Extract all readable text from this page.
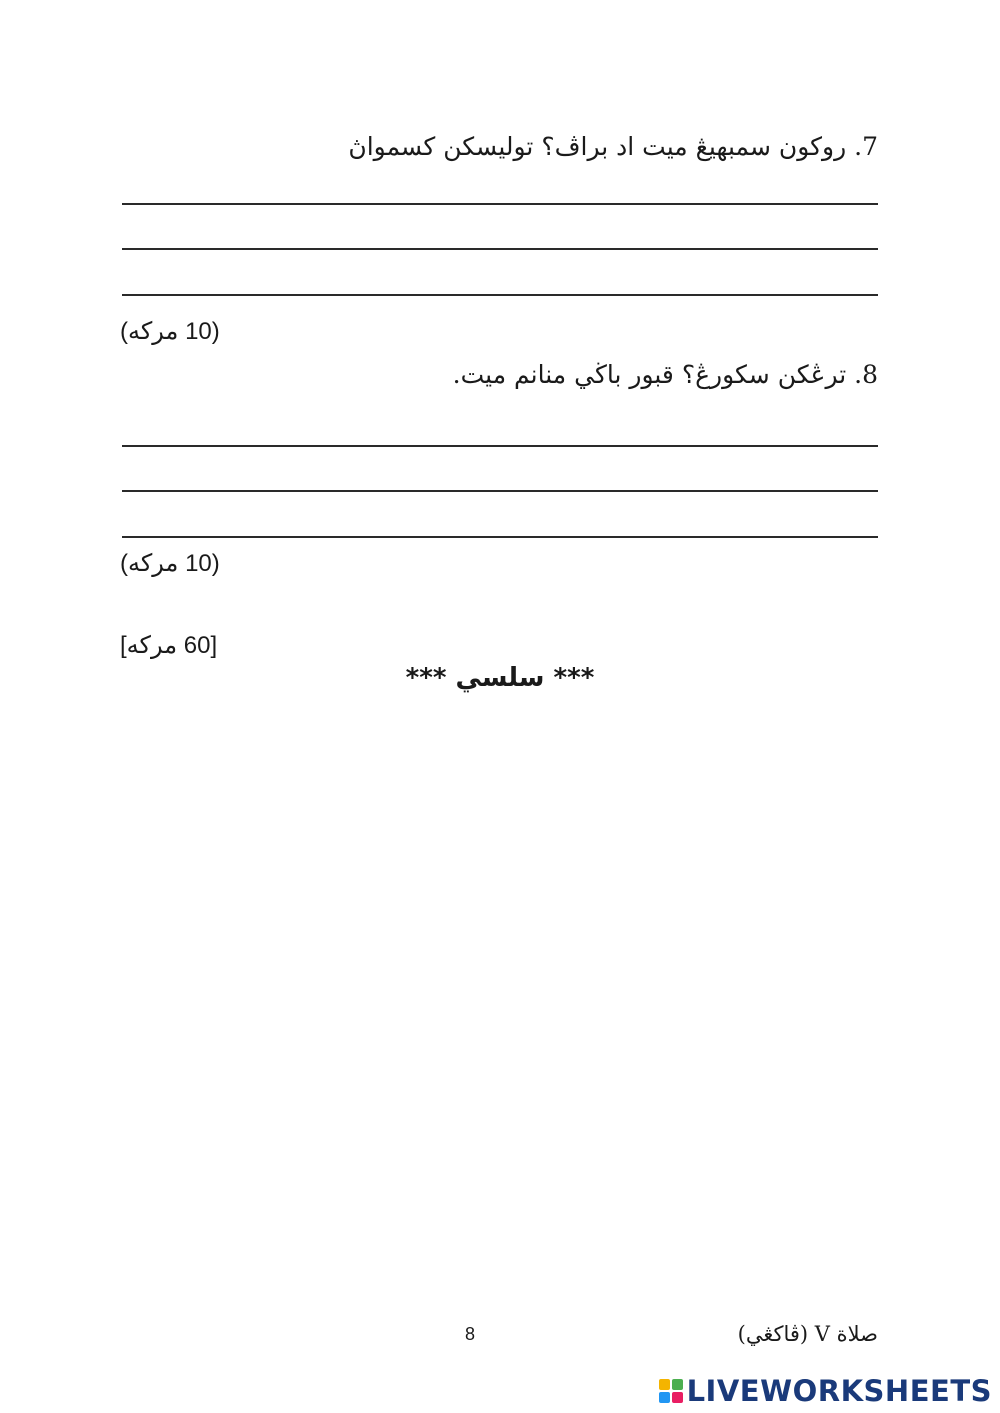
7. روكون سمبهيڠ ميت اد براڤ؟ توليسکن كسمواڽ
(10 مرکه)
8. ترڠکن سكورڠ؟ قبور باڬي منانم ميت.
(10 مرکه)
[60 مرکه]
*** سلسي ***
صلاة V (ڤاكڠي)
8
LIVEWORKSHEETS
